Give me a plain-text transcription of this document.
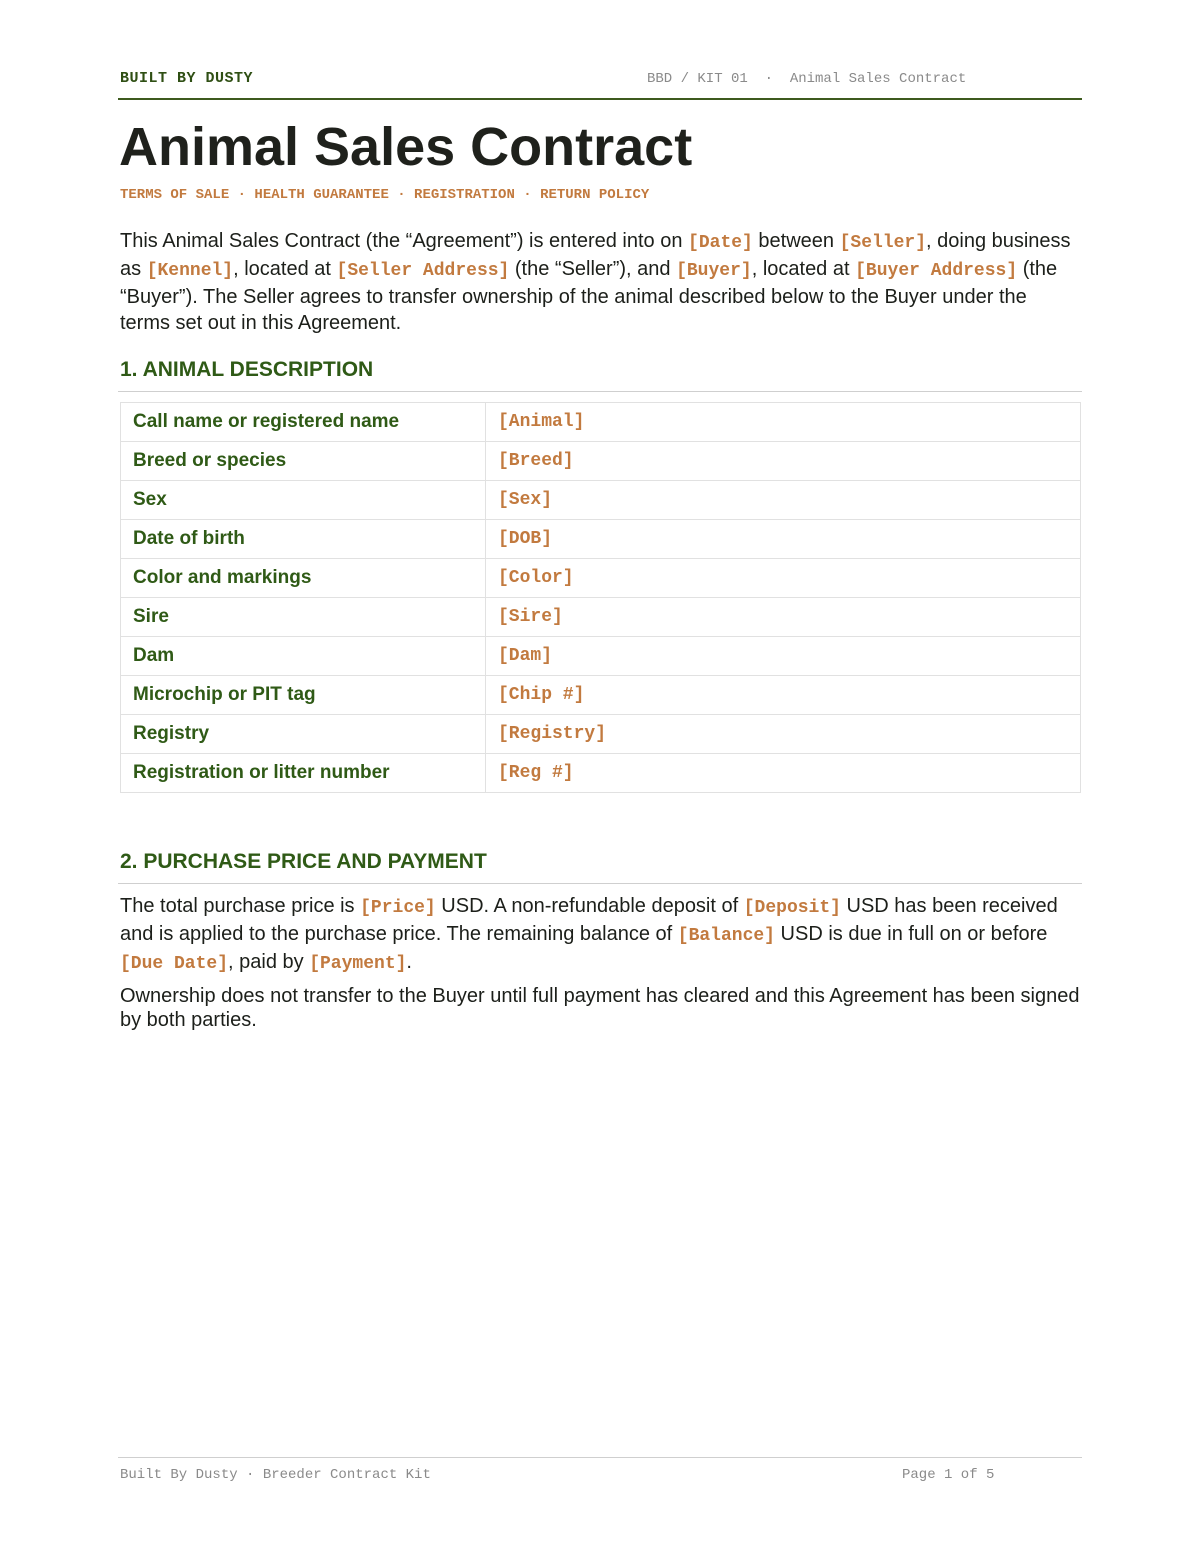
BUILT BY DUSTY	BBD / KIT 01  ·  Animal Sales Contract
Animal Sales Contract
TERMS OF SALE · HEALTH GUARANTEE · REGISTRATION · RETURN POLICY

This Animal Sales Contract (the “Agreement”) is entered into on [Date] between [Seller], doing business as [Kennel], located at [Seller Address] (the “Seller”), and [Buyer], located at [Buyer Address] (the “Buyer”). The Seller agrees to transfer ownership of the animal described below to the Buyer under the terms set out in this Agreement.

1. ANIMAL DESCRIPTION
Call name or registered name	[Animal]
Breed or species	[Breed]
Sex	[Sex]
Date of birth	[DOB]
Color and markings	[Color]
Sire	[Sire]
Dam	[Dam]
Microchip or PIT tag	[Chip #]
Registry	[Registry]
Registration or litter number	[Reg #]
2. PURCHASE PRICE AND PAYMENT

The total purchase price is [Price] USD. A non-refundable deposit of [Deposit] USD has been received and is applied to the purchase price. The remaining balance of [Balance] USD is due in full on or before [Due Date], paid by [Payment].

Ownership does not transfer to the Buyer until full payment has cleared and this Agreement has been signed by both parties.

Built By Dusty · Breeder Contract Kit	Page 1 of 5
